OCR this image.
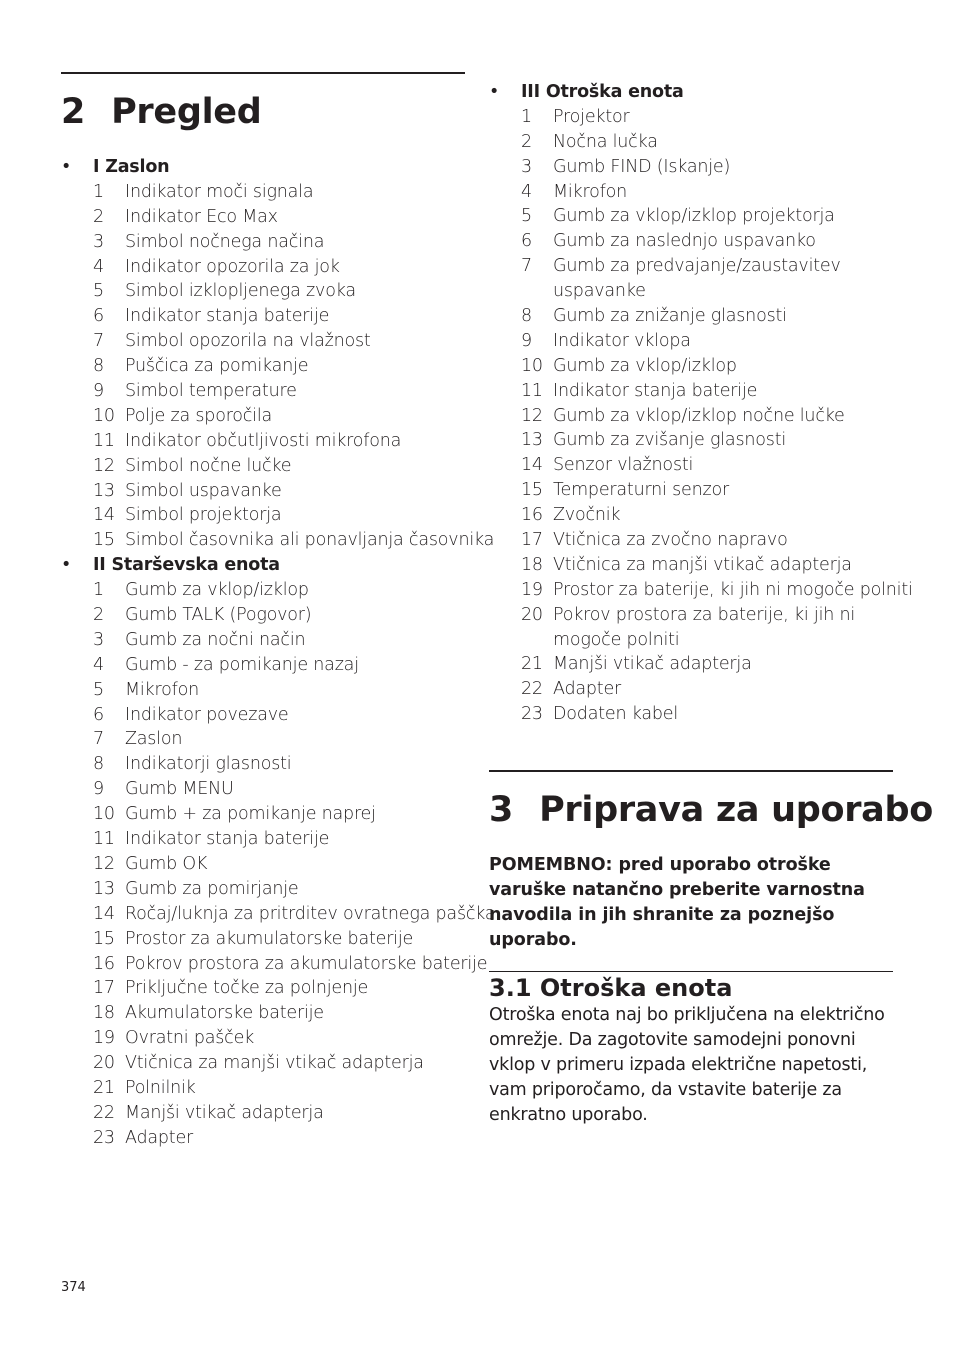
2 Pregled
• I Zaslon
1	Indikator moči signala
2	Indikator Eco Max
3	Simbol nočnega načina
4	Indikator opozorila za jok
5	Simbol izklopljenega zvoka
6	Indikator stanja baterije
7	Simbol opozorila na vlažnost
8	Puščica za pomikanje
9	Simbol temperature
10 Polje za sporočila
11 Indikator občutljivosti mikrofona
12 Simbol nočne lučke
13 Simbol uspavanke
14 Simbol projektorja
15 Simbol časovnika ali ponavljanja časovnika
• II Starševska enota
1	Gumb za vklop/izklop
2	Gumb TALK (Pogovor)
3	Gumb za nočni način
4	Gumb - za pomikanje nazaj
5	Mikrofon
6	Indikator povezave
7	Zaslon
8	Indikatorji glasnosti
9	Gumb MENU
10 Gumb + za pomikanje naprej
11 Indikator stanja baterije
12 Gumb OK
13 Gumb za pomirjanje
14 Ročaj/luknja za pritrditev ovratnega paščka
15 Prostor za akumulatorske baterije
16 Pokrov prostora za akumulatorske baterije
17 Priključne točke za polnjenje
18 Akumulatorske baterije
19 Ovratni pašček
20 Vtičnica za manjši vtikač adapterja
21 Polnilnik
22 Manjši vtikač adapterja
23 Adapter
• III Otroška enota
1	Projektor
2	Nočna lučka
3	Gumb FIND (Iskanje)
4	Mikrofon
5	Gumb za vklop/izklop projektorja
6	Gumb za naslednjo uspavanko
7	Gumb za predvajanje/zaustavitev
uspavanke
8	Gumb za znižanje glasnosti
9	Indikator vklopa
10 Gumb za vklop/izklop
11 Indikator stanja baterije
12 Gumb za vklop/izklop nočne lučke
13 Gumb za zvišanje glasnosti
14 Senzor vlažnosti
15 Temperaturni senzor
16 Zvočnik
17 Vtičnica za zvočno napravo
18 Vtičnica za manjši vtikač adapterja
19 Prostor za baterije, ki jih ni mogoče polniti
20 Pokrov prostora za baterije, ki jih ni
mogoče polniti
21 Manjši vtikač adapterja
22 Adapter
23 Dodaten kabel
3 Priprava za uporabo

POMEMBNO: pred uporabo otroške varuške natančno preberite varnostna navodila in jih shranite za poznejšo uporabo.

3.1 Otroška enota

Otroška enota naj bo priključena na električno omrežje. Da zagotovite samodejni ponovni vklop v primeru izpada električne napetosti, vam priporočamo, da vstavite baterije za enkratno uporabo.

374
